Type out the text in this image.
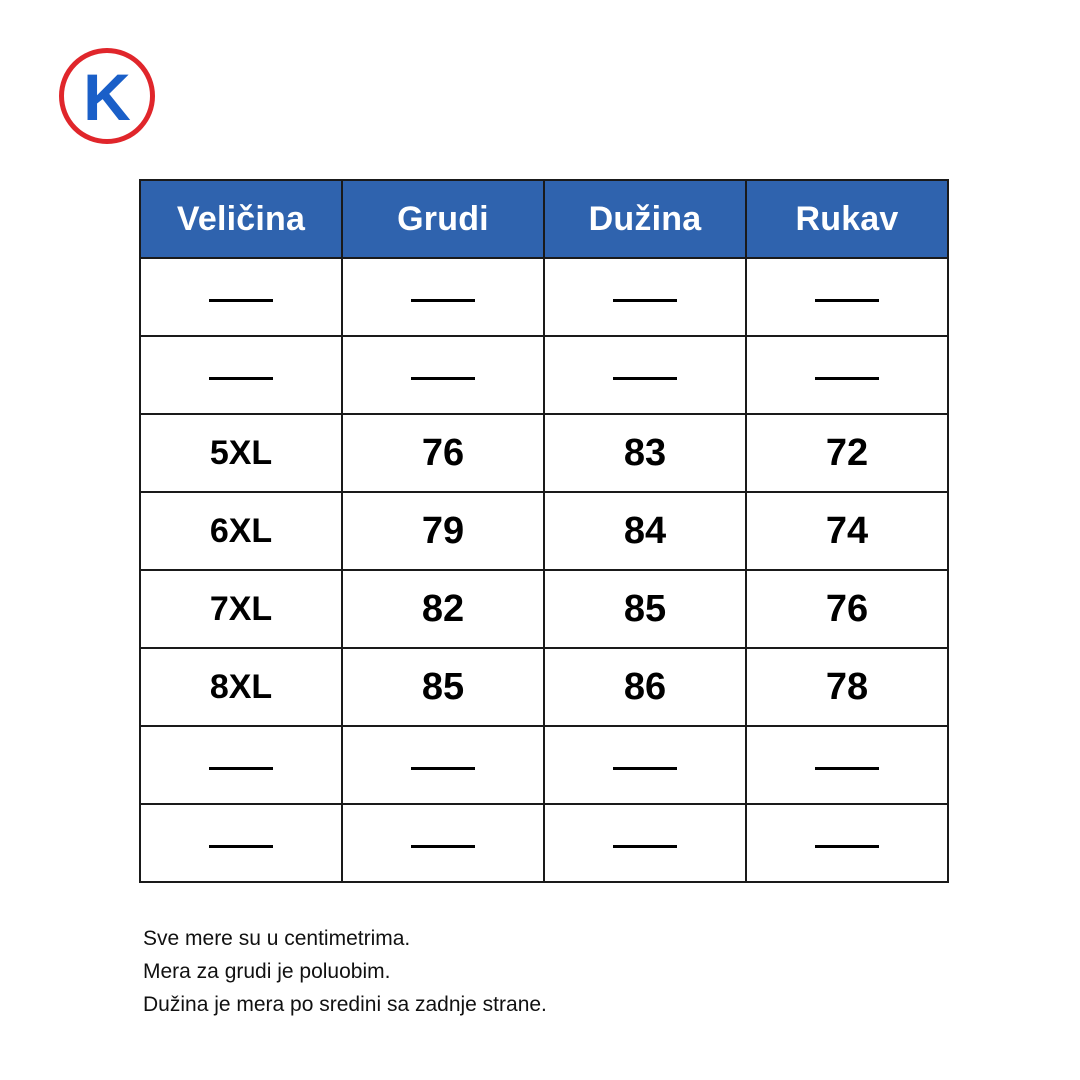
K
Veličina	Grudi	Dužina	Rukav

5XL	76	83	72
6XL	79	84	74
7XL	82	85	76
8XL	85	86	78

Sve mere su u centimetrima.

Mera za grudi je poluobim.

Dužina je mera po sredini sa zadnje strane.
